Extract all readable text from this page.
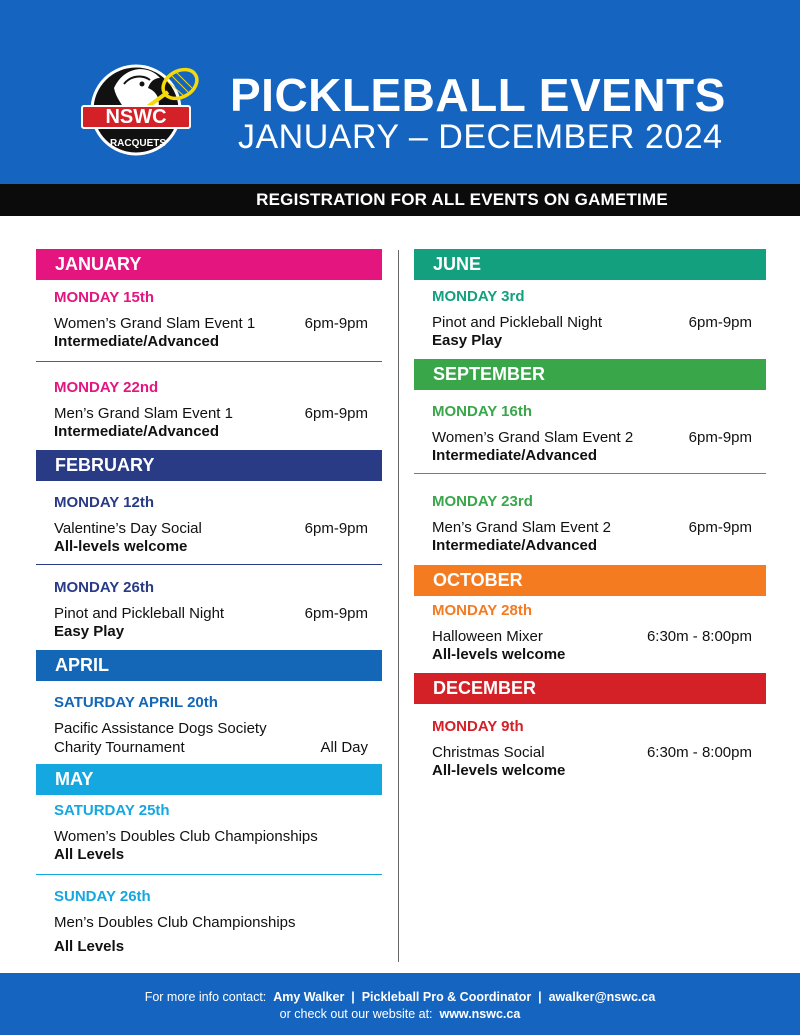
NSWC
RACQUETS
PICKLEBALL EVENTS
JANUARY – DECEMBER 2024
REGISTRATION FOR ALL EVENTS ON GAMETIME
JANUARY
MONDAY 15th
Women’s Grand Slam Event 1	6pm-9pm
Intermediate/Advanced
MONDAY 22nd
Men’s Grand Slam Event 1	6pm-9pm
Intermediate/Advanced
FEBRUARY
MONDAY 12th
Valentine’s Day Social	6pm-9pm
All-levels welcome
MONDAY 26th
Pinot and Pickleball Night	6pm-9pm
Easy Play
APRIL
SATURDAY APRIL 20th
Pacific Assistance Dogs Society
Charity Tournament	All Day
MAY
SATURDAY 25th
Women’s Doubles Club Championships
All Levels
SUNDAY 26th
Men’s Doubles Club Championships
All Levels
JUNE
MONDAY 3rd
Pinot and Pickleball Night	6pm-9pm
Easy Play
SEPTEMBER
MONDAY 16th
Women’s Grand Slam Event 2	6pm-9pm
Intermediate/Advanced
MONDAY 23rd
Men’s Grand Slam Event 2	6pm-9pm
Intermediate/Advanced
OCTOBER
MONDAY 28th
Halloween Mixer	6:30m - 8:00pm
All-levels welcome
DECEMBER
MONDAY 9th
Christmas Social	6:30m - 8:00pm
All-levels welcome
For more info contact: Amy Walker | Pickleball Pro & Coordinator | awalker@nswc.ca
or check out our website at: www.nswc.ca
